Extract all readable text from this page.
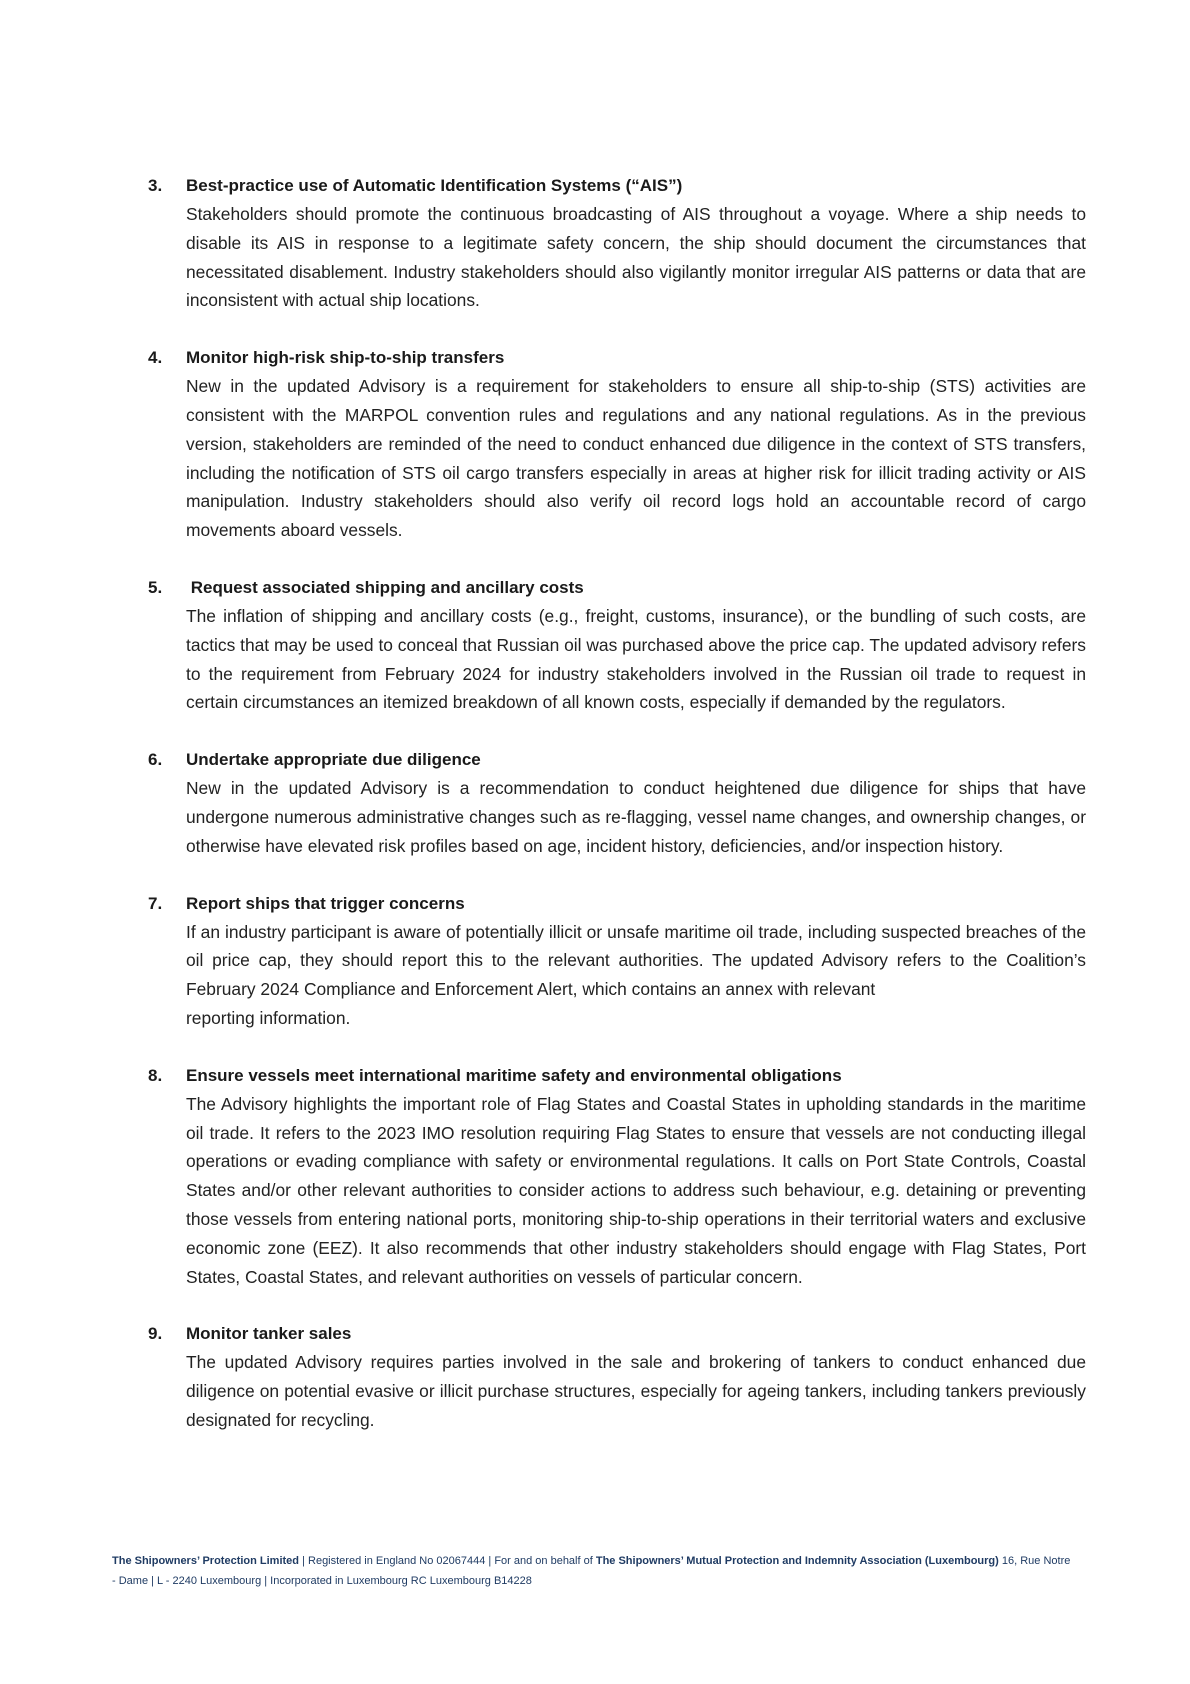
3.	Best-practice use of Automatic Identification Systems (“AIS”)
Stakeholders should promote the continuous broadcasting of AIS throughout a voyage. Where a ship needs to disable its AIS in response to a legitimate safety concern, the ship should document the circumstances that necessitated disablement. Industry stakeholders should also vigilantly monitor irregular AIS patterns or data that are inconsistent with actual ship locations.
4.	Monitor high-risk ship-to-ship transfers
New in the updated Advisory is a requirement for stakeholders to ensure all ship-to-ship (STS) activities are consistent with the MARPOL convention rules and regulations and any national regulations. As in the previous version, stakeholders are reminded of the need to conduct enhanced due diligence in the context of STS transfers, including the notification of STS oil cargo transfers especially in areas at higher risk for illicit trading activity or AIS manipulation. Industry stakeholders should also verify oil record logs hold an accountable record of cargo movements aboard vessels.
5.	Request associated shipping and ancillary costs
The inflation of shipping and ancillary costs (e.g., freight, customs, insurance), or the bundling of such costs, are tactics that may be used to conceal that Russian oil was purchased above the price cap. The updated advisory refers to the requirement from February 2024 for industry stakeholders involved in the Russian oil trade to request in certain circumstances an itemized breakdown of all known costs, especially if demanded by the regulators.
6.	Undertake appropriate due diligence
New in the updated Advisory is a recommendation to conduct heightened due diligence for ships that have undergone numerous administrative changes such as re-flagging, vessel name changes, and ownership changes, or otherwise have elevated risk profiles based on age, incident history, deficiencies, and/or inspection history.
7.	Report ships that trigger concerns
If an industry participant is aware of potentially illicit or unsafe maritime oil trade, including suspected breaches of the oil price cap, they should report this to the relevant authorities. The updated Advisory refers to the Coalition’s February 2024 Compliance and Enforcement Alert, which contains an annex with relevant
reporting information.
8.	Ensure vessels meet international maritime safety and environmental obligations
The Advisory highlights the important role of Flag States and Coastal States in upholding standards in the maritime oil trade. It refers to the 2023 IMO resolution requiring Flag States to ensure that vessels are not conducting illegal operations or evading compliance with safety or environmental regulations. It calls on Port State Controls, Coastal States and/or other relevant authorities to consider actions to address such behaviour, e.g. detaining or preventing those vessels from entering national ports, monitoring ship-to-ship operations in their territorial waters and exclusive economic zone (EEZ). It also recommends that other industry stakeholders should engage with Flag States, Port States, Coastal States, and relevant authorities on vessels of particular concern.
9.	Monitor tanker sales
The updated Advisory requires parties involved in the sale and brokering of tankers to conduct enhanced due diligence on potential evasive or illicit purchase structures, especially for ageing tankers, including tankers previously designated for recycling.
The Shipowners’ Protection Limited | Registered in England No 02067444 | For and on behalf of The Shipowners’ Mutual Protection and Indemnity Association (Luxembourg) 16, Rue Notre - Dame | L - 2240 Luxembourg | Incorporated in Luxembourg RC Luxembourg B14228
